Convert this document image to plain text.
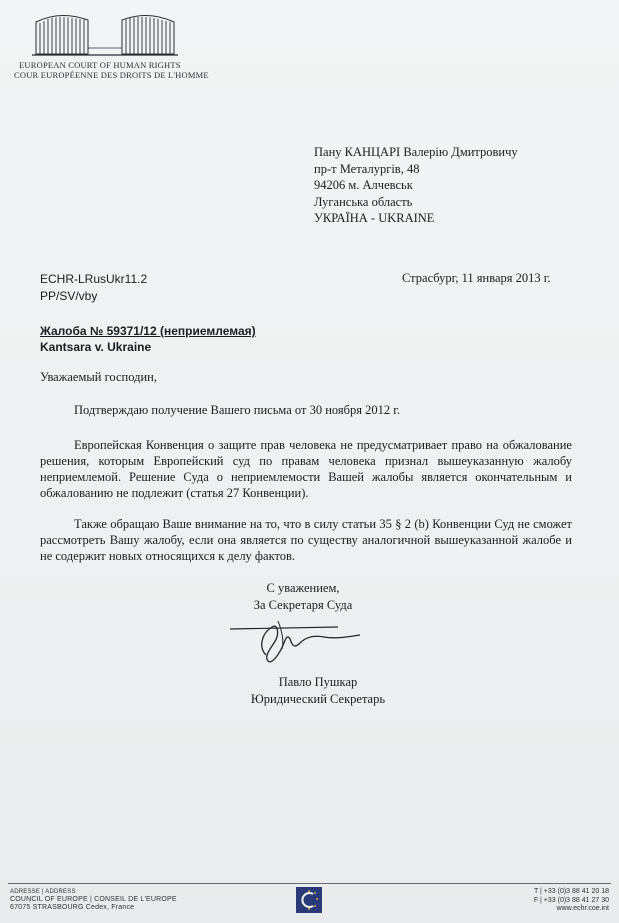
EUROPEAN COURT OF HUMAN RIGHTS
COUR EUROPÉENNE DES DROITS DE L'HOMME
Пану КАНЦАРІ Валерію Дмитровичу
пр-т Металургів, 48
94206 м. Алчевськ
Луганська область
УКРАЇНА - UKRAINE
ECHR-LRusUkr11.2
PP/SV/vby
Страсбург, 11 января 2013 г.
Жалоба № 59371/12 (неприемлемая)
Kantsara v. Ukraine
Уважаемый господин,
Подтверждаю получение Вашего письма от 30 ноября 2012 г.
Европейская Конвенция о защите прав человека не предусматривает право на обжалование решения, которым Европейский суд по правам человека признал вышеуказанную жалобу неприемлемой. Решение Суда о неприемлемости Вашей жалобы является окончательным и обжалованию не подлежит (статья 27 Конвенции).
Также обращаю Ваше внимание на то, что в силу статьи 35 § 2 (b) Конвенции Суд не сможет рассмотреть Вашу жалобу, если она является по существу аналогичной вышеуказанной жалобе и не содержит новых относящихся к делу фактов.
С уважением,
За Секретаря Суда
Павло Пушкар
Юридический Секретарь
ADRESSE | ADDRESS
COUNCIL OF EUROPE | CONSEIL DE L'EUROPE
67075 STRASBOURG Cedex, France
T | +33 (0)3 88 41 20 18
F | +33 (0)3 88 41 27 30
www.echr.coe.int
